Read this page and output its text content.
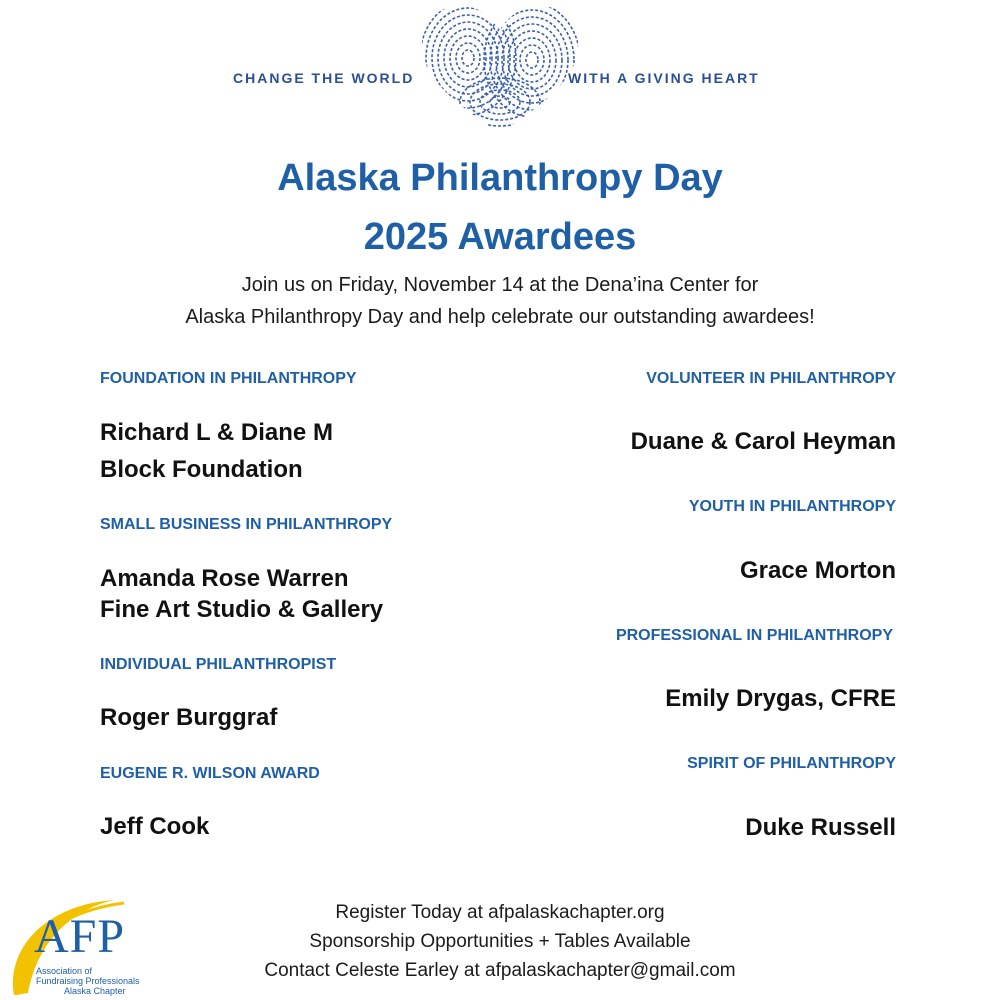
CHANGE THE WORLD	WITH A GIVING HEART
Alaska Philanthropy Day
2025 Awardees
Join us on Friday, November 14 at the Dena’ina Center for
Alaska Philanthropy Day and help celebrate our outstanding awardees!
FOUNDATION IN PHILANTHROPY
Richard L & Diane M
Block Foundation
SMALL BUSINESS IN PHILANTHROPY
Amanda Rose Warren
Fine Art Studio & Gallery
INDIVIDUAL PHILANTHROPIST
Roger Burggraf
EUGENE R. WILSON AWARD
Jeff Cook
VOLUNTEER IN PHILANTHROPY
Duane & Carol Heyman
YOUTH IN PHILANTHROPY
Grace Morton
PROFESSIONAL IN PHILANTHROPY
Emily Drygas, CFRE
SPIRIT OF PHILANTHROPY
Duke Russell
AFP
Association of
Fundraising Professionals
Alaska Chapter
Register Today at afpalaskachapter.org
Sponsorship Opportunities + Tables Available
Contact Celeste Earley at afpalaskachapter@gmail.com
